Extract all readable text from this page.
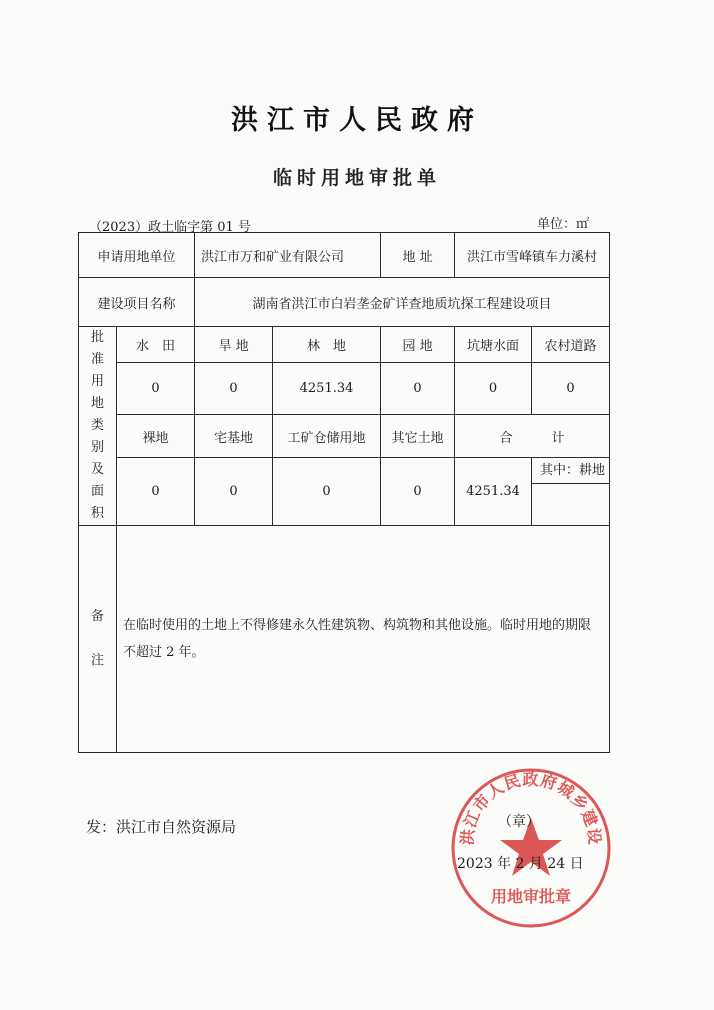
洪江市人民政府
临时用地审批单
（2023）政土临字第 01 号	单位：㎡
申请用地单位		洪江市万和矿业有限公司		地 址	洪江市雪峰镇车力溪村	
建设项目名称		湖南省洪江市白岩垄金矿详查地质坑探工程建设项目				
批准用地类别及面积	水　田	旱 地	林　地	园 地	坑塘水面	农村道路
	0	0	4251.34	0	0	0
	裸地	宅基地	工矿仓储用地	其它土地	合　　　计	
	0	0	0	0	4251.34	其中：耕地

备 注	在临时使用的土地上不得修建永久性建筑物、构筑物和其他设施。临时用地的期限不超过 2 年。					
发：洪江市自然资源局
洪江市人民政府城乡建设
用地审批章
（章）
2023 年 2 月 24 日
